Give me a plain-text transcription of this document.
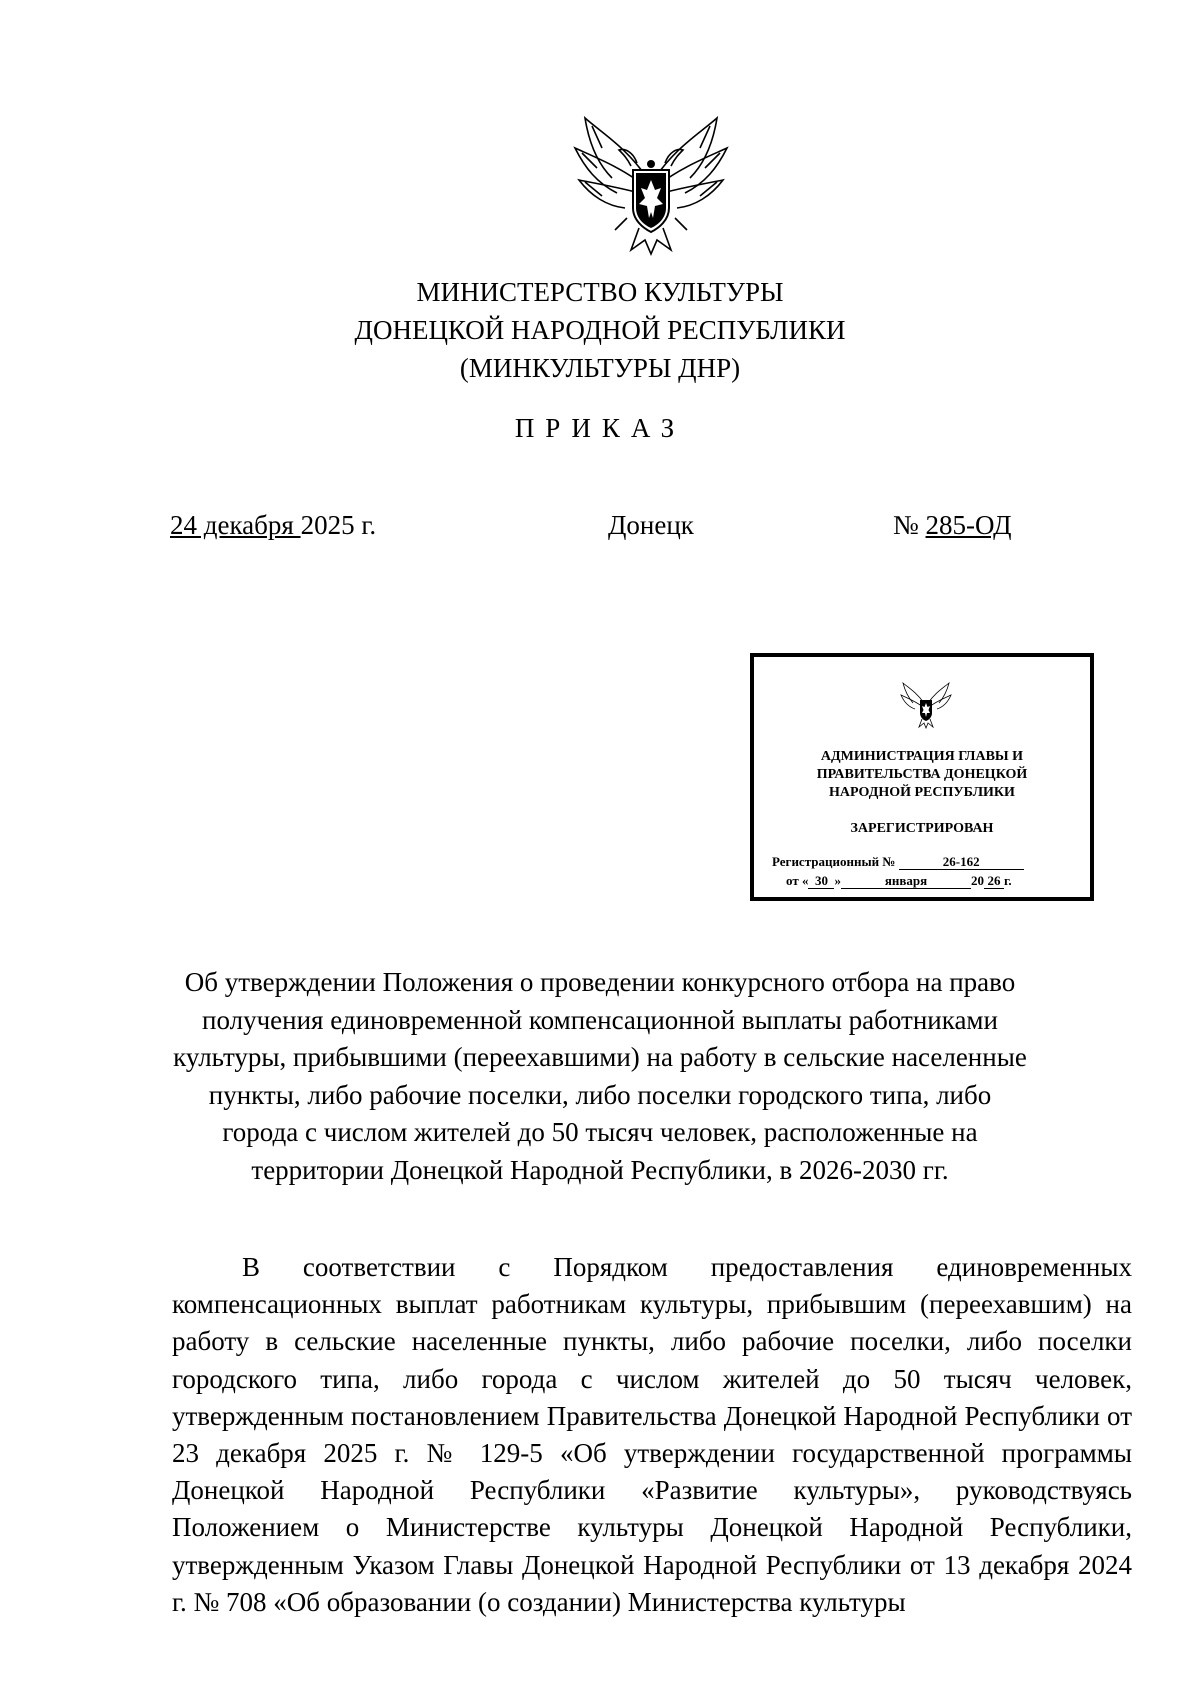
МИНИСТЕРСТВО КУЛЬТУРЫ
ДОНЕЦКОЙ НАРОДНОЙ РЕСПУБЛИКИ
(МИНКУЛЬТУРЫ ДНР)
ПРИКАЗ
24 декабря 2025 г.	Донецк	№ 285-ОД
АДМИНИСТРАЦИЯ ГЛАВЫ И
ПРАВИТЕЛЬСТВА ДОНЕЦКОЙ
НАРОДНОЙ РЕСПУБЛИКИ
ЗАРЕГИСТРИРОВАН
Регистрационный №	26-162
от « 30 »	января	20 26 г.
Об утверждении Положения о проведении конкурсного отбора на право
получения единовременной компенсационной выплаты работниками
культуры, прибывшими (переехавшими) на работу в сельские населенные
пункты, либо рабочие поселки, либо поселки городского типа, либо
города с числом жителей до 50 тысяч человек, расположенные на
территории Донецкой Народной Республики, в 2026-2030 гг.
В соответствии с Порядком предоставления единовременных компенсационных выплат работникам культуры, прибывшим (переехавшим) на работу в сельские населенные пункты, либо рабочие поселки, либо поселки городского типа, либо города с числом жителей до 50 тысяч человек, утвержденным постановлением Правительства Донецкой Народной Республики от 23 декабря 2025 г. № 129-5 «Об утверждении государственной программы Донецкой Народной Республики «Развитие культуры», руководствуясь Положением о Министерстве культуры Донецкой Народной Республики, утвержденным Указом Главы Донецкой Народной Республики от 13 декабря 2024 г. № 708 «Об образовании (о создании) Министерства культуры
